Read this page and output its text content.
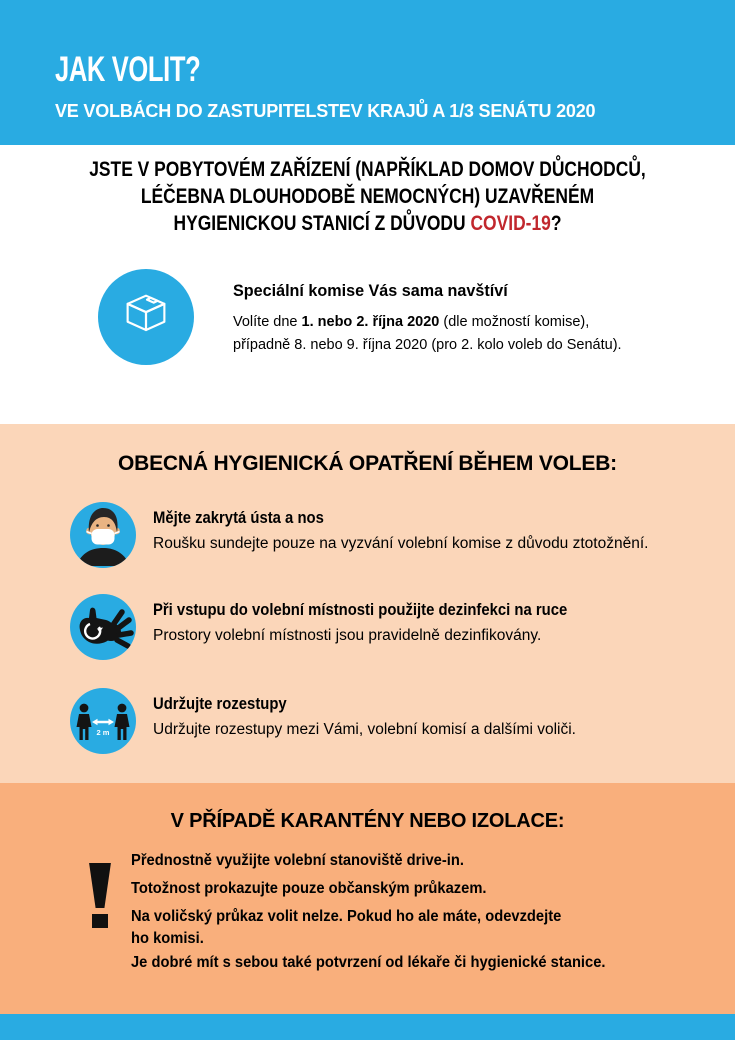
JAK VOLIT?
VE VOLBÁCH DO ZASTUPITELSTEV KRAJŮ A 1/3 SENÁTU 2020
JSTE V POBYTOVÉM ZAŘÍZENÍ (NAPŘÍKLAD DOMOV DŮCHODCŮ,
LÉČEBNA DLOUHODOBĚ NEMOCNÝCH) UZAVŘENÉM
HYGIENICKOU STANICÍ Z DŮVODU COVID-19?
Speciální komise Vás sama navštíví
Volíte dne 1. nebo 2. října 2020 (dle možností komise),
případně 8. nebo 9. října 2020 (pro 2. kolo voleb do Senátu).
OBECNÁ HYGIENICKÁ OPATŘENÍ BĚHEM VOLEB:
Mějte zakrytá ústa a nos
Roušku sundejte pouze na vyzvání volební komise z důvodu ztotožnění.
Při vstupu do volební místnosti použijte dezinfekci na ruce
Prostory volební místnosti jsou pravidelně dezinfikovány.
2 m
Udržujte rozestupy
Udržujte rozestupy mezi Vámi, volební komisí a dalšími voliči.
V PŘÍPADĚ KARANTÉNY NEBO IZOLACE:
Přednostně využijte volební stanoviště drive-in.
Totožnost prokazujte pouze občanským průkazem.
Na voličský průkaz volit nelze. Pokud ho ale máte, odevzdejte
ho komisi.
Je dobré mít s sebou také potvrzení od lékaře či hygienické stanice.
